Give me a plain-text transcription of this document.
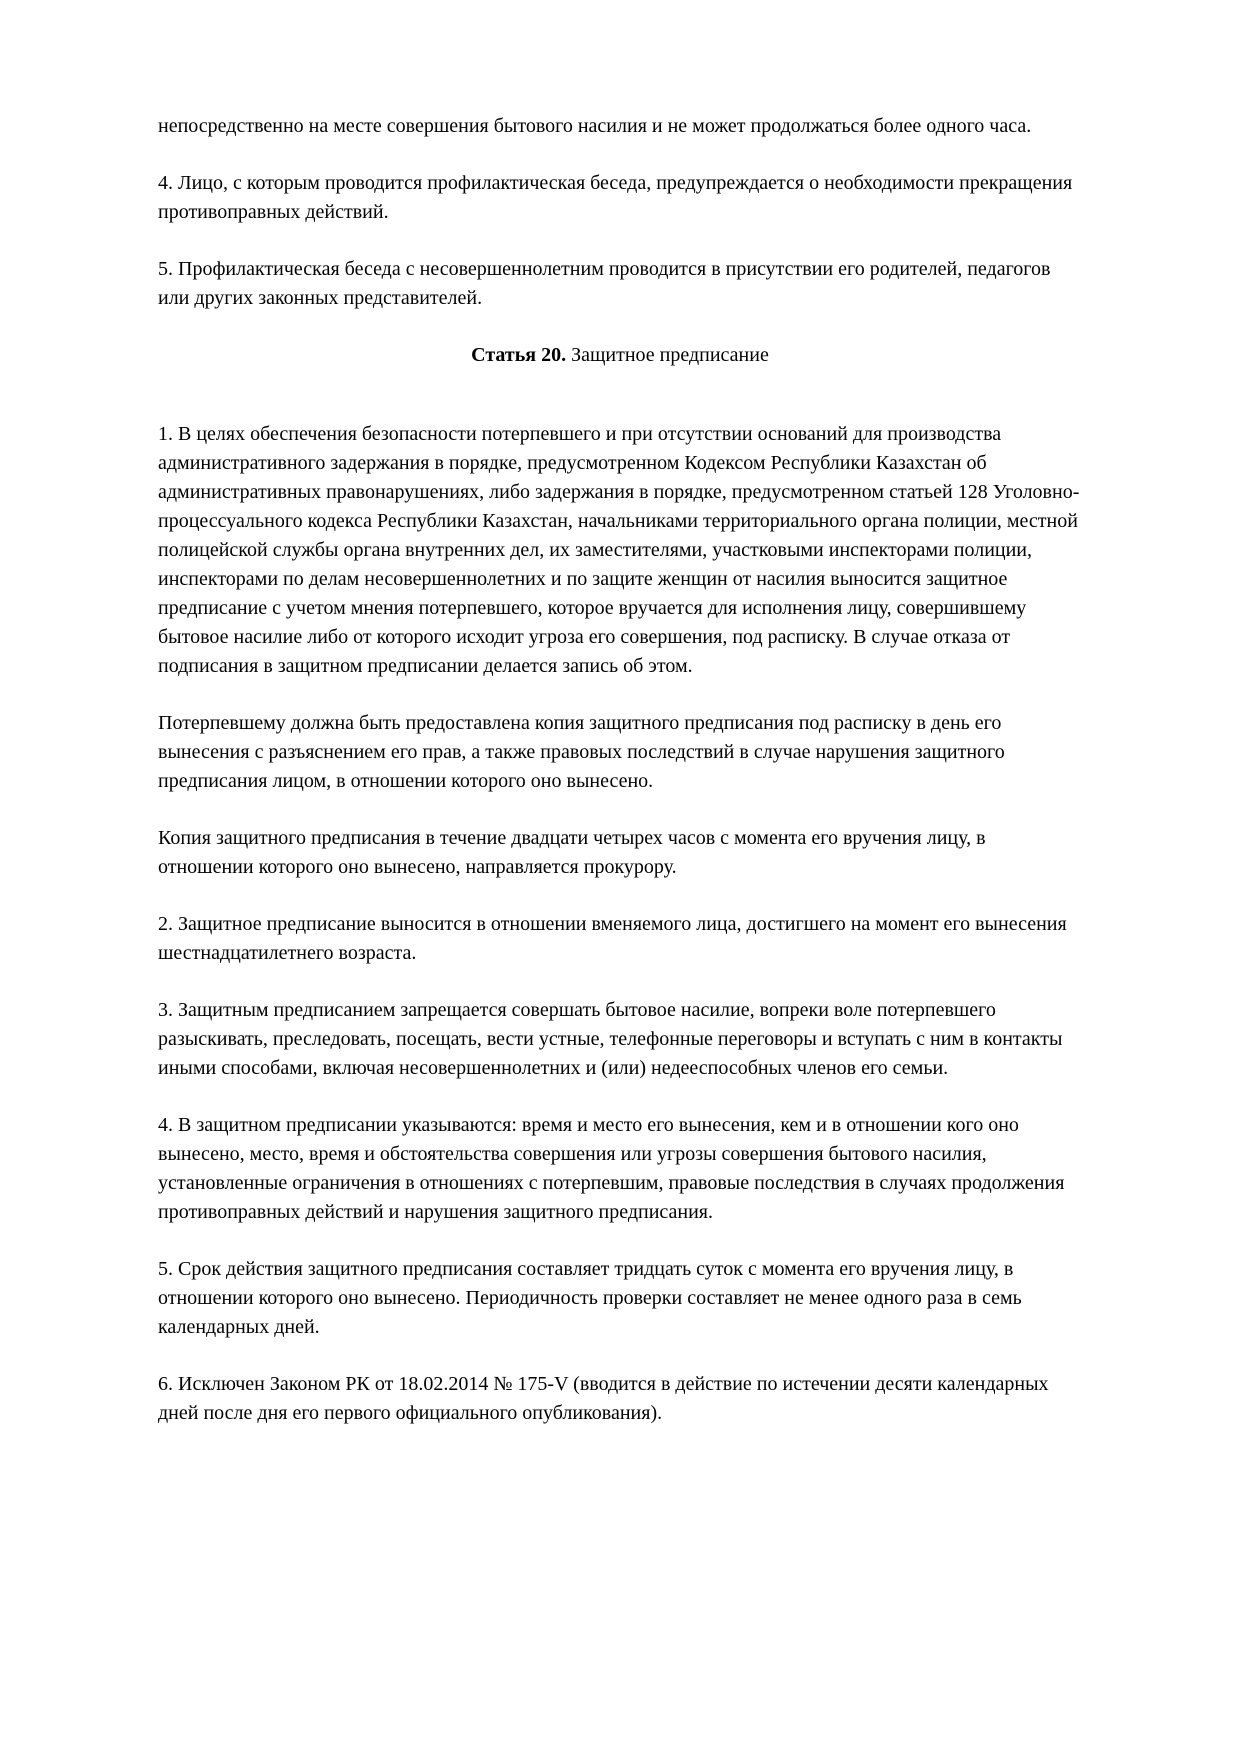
непосредственно на месте совершения бытового насилия и не может продолжаться более одного часа.

4. Лицо, с которым проводится профилактическая беседа, предупреждается о необходимости прекращения противоправных действий.

5. Профилактическая беседа с несовершеннолетним проводится в присутствии его родителей, педагогов или других законных представителей.

Статья 20. Защитное предписание

1. В целях обеспечения безопасности потерпевшего и при отсутствии оснований для производства административного задержания в порядке, предусмотренном Кодексом Республики Казахстан об административных правонарушениях, либо задержания в порядке, предусмотренном статьей 128 Уголовно-процессуального кодекса Республики Казахстан, начальниками территориального органа полиции, местной полицейской службы органа внутренних дел, их заместителями, участковыми инспекторами полиции, инспекторами по делам несовершеннолетних и по защите женщин от насилия выносится защитное предписание с учетом мнения потерпевшего, которое вручается для исполнения лицу, совершившему бытовое насилие либо от которого исходит угроза его совершения, под расписку. В случае отказа от подписания в защитном предписании делается запись об этом.

Потерпевшему должна быть предоставлена копия защитного предписания под расписку в день его вынесения с разъяснением его прав, а также правовых последствий в случае нарушения защитного предписания лицом, в отношении которого оно вынесено.

Копия защитного предписания в течение двадцати четырех часов с момента его вручения лицу, в отношении которого оно вынесено, направляется прокурору.

2. Защитное предписание выносится в отношении вменяемого лица, достигшего на момент его вынесения шестнадцатилетнего возраста.

3. Защитным предписанием запрещается совершать бытовое насилие, вопреки воле потерпевшего разыскивать, преследовать, посещать, вести устные, телефонные переговоры и вступать с ним в контакты иными способами, включая несовершеннолетних и (или) недееспособных членов его семьи.

4. В защитном предписании указываются: время и место его вынесения, кем и в отношении кого оно вынесено, место, время и обстоятельства совершения или угрозы совершения бытового насилия, установленные ограничения в отношениях с потерпевшим, правовые последствия в случаях продолжения противоправных действий и нарушения защитного предписания.

5. Срок действия защитного предписания составляет тридцать суток с момента его вручения лицу, в отношении которого оно вынесено. Периодичность проверки составляет не менее одного раза в семь календарных дней.

6. Исключен Законом РК от 18.02.2014 № 175-V (вводится в действие по истечении десяти календарных дней после дня его первого официального опубликования).
